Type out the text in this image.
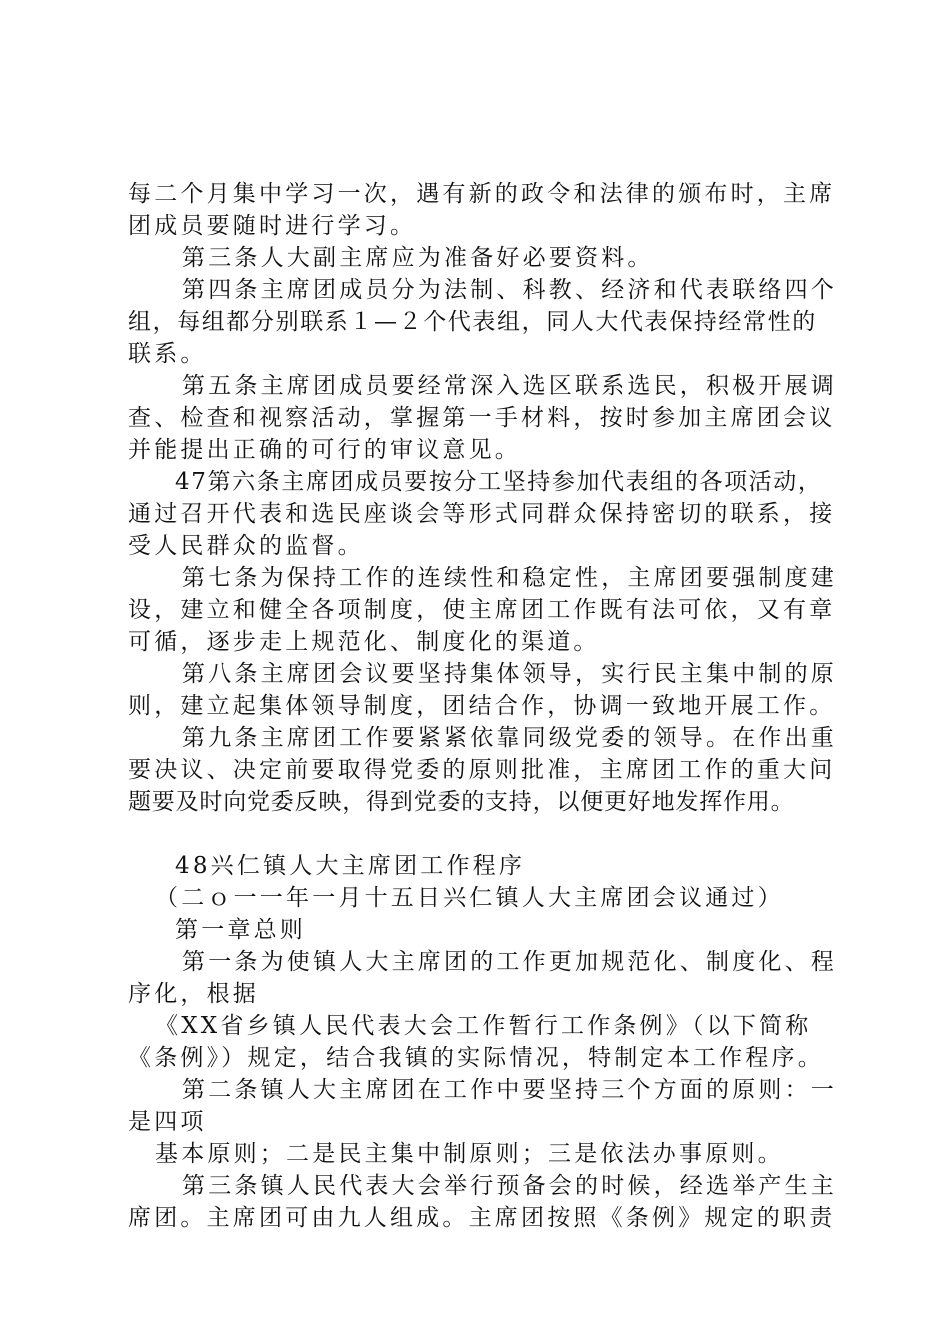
每二个月集中学习一次，遇有新的政令和法律的颁布时，主席

团成员要随时进行学习。

第三条人大副主席应为准备好必要资料。

第四条主席团成员分为法制、科教、经济和代表联络四个

组，每组都分别联系１—２个代表组，同人大代表保持经常性的

联系。

第五条主席团成员要经常深入选区联系选民，积极开展调

查、检查和视察活动，掌握第一手材料，按时参加主席团会议

并能提出正确的可行的审议意见。

47第六条主席团成员要按分工坚持参加代表组的各项活动，

通过召开代表和选民座谈会等形式同群众保持密切的联系，接

受人民群众的监督。

第七条为保持工作的连续性和稳定性，主席团要强制度建

设，建立和健全各项制度，使主席团工作既有法可依，又有章

可循，逐步走上规范化、制度化的渠道。

第八条主席团会议要坚持集体领导，实行民主集中制的原

则，建立起集体领导制度，团结合作，协调一致地开展工作。

第九条主席团工作要紧紧依靠同级党委的领导。在作出重

要决议、决定前要取得党委的原则批准，主席团工作的重大问

题要及时向党委反映，得到党委的支持，以便更好地发挥作用。

48兴仁镇人大主席团工作程序

（二ｏ一一年一月十五日兴仁镇人大主席团会议通过）

第一章总则

第一条为使镇人大主席团的工作更加规范化、制度化、程

序化，根据

《XX省乡镇人民代表大会工作暂行工作条例》（以下简称

《条例》）规定，结合我镇的实际情况，特制定本工作程序。

第二条镇人大主席团在工作中要坚持三个方面的原则：一

是四项

基本原则；二是民主集中制原则；三是依法办事原则。

第三条镇人民代表大会举行预备会的时候，经选举产生主

席团。主席团可由九人组成。主席团按照《条例》规定的职责
